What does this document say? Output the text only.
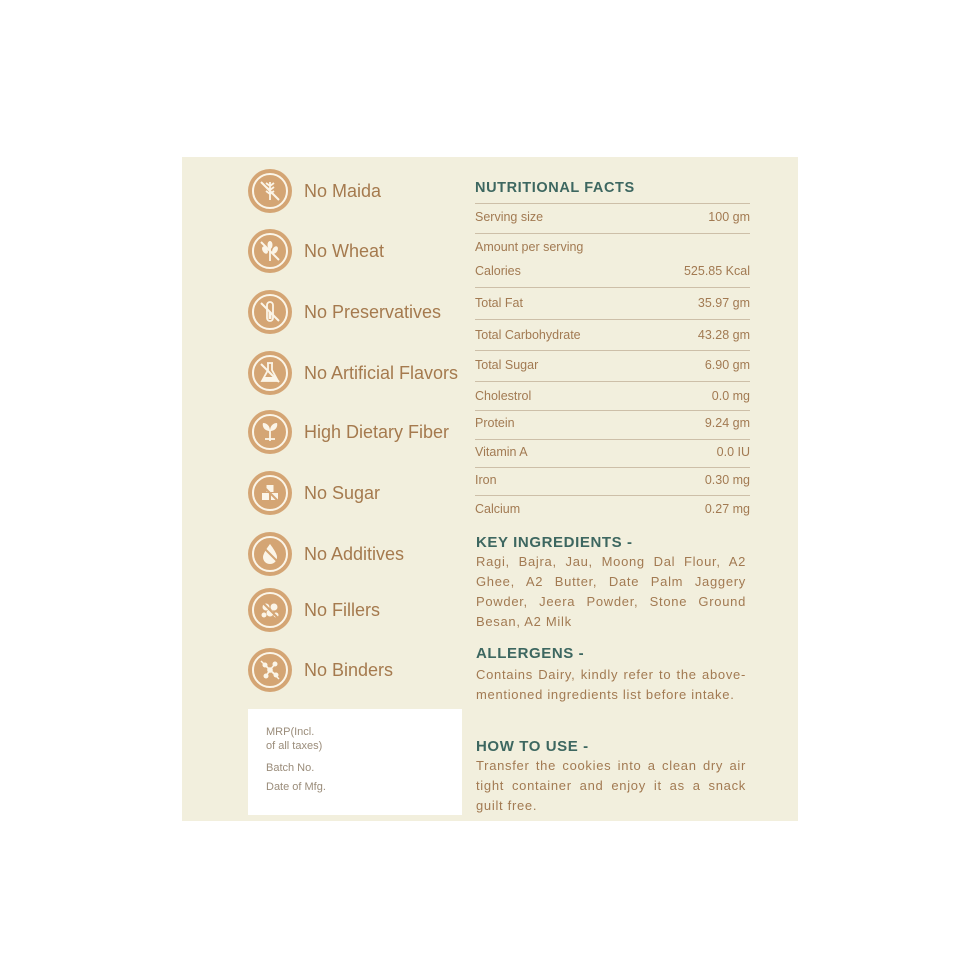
No Maida
No Wheat
No Preservatives
No Artificial Flavors
High Dietary Fiber
No Sugar
No Additives
No Fillers
No Binders
MRP(Incl.
of all taxes)
Batch No.
Date of Mfg.
NUTRITIONAL FACTS
Serving size	100 gm
Amount per serving
Calories	525.85 Kcal
Total Fat	35.97 gm
Total Carbohydrate	43.28 gm
Total Sugar	6.90 gm
Cholestrol	0.0 mg
Protein	9.24 gm
Vitamin A	0.0 IU
Iron	0.30 mg
Calcium	0.27 mg
KEY INGREDIENTS -
Ragi, Bajra, Jau, Moong Dal Flour, A2 Ghee, A2 Butter, Date Palm Jaggery Powder, Jeera Powder, Stone Ground Besan, A2 Milk
ALLERGENS -
Contains Dairy, kindly refer to the above-mentioned ingredients list before intake.
HOW TO USE -
Transfer the cookies into a clean dry air tight container and enjoy it as a snack guilt free.
